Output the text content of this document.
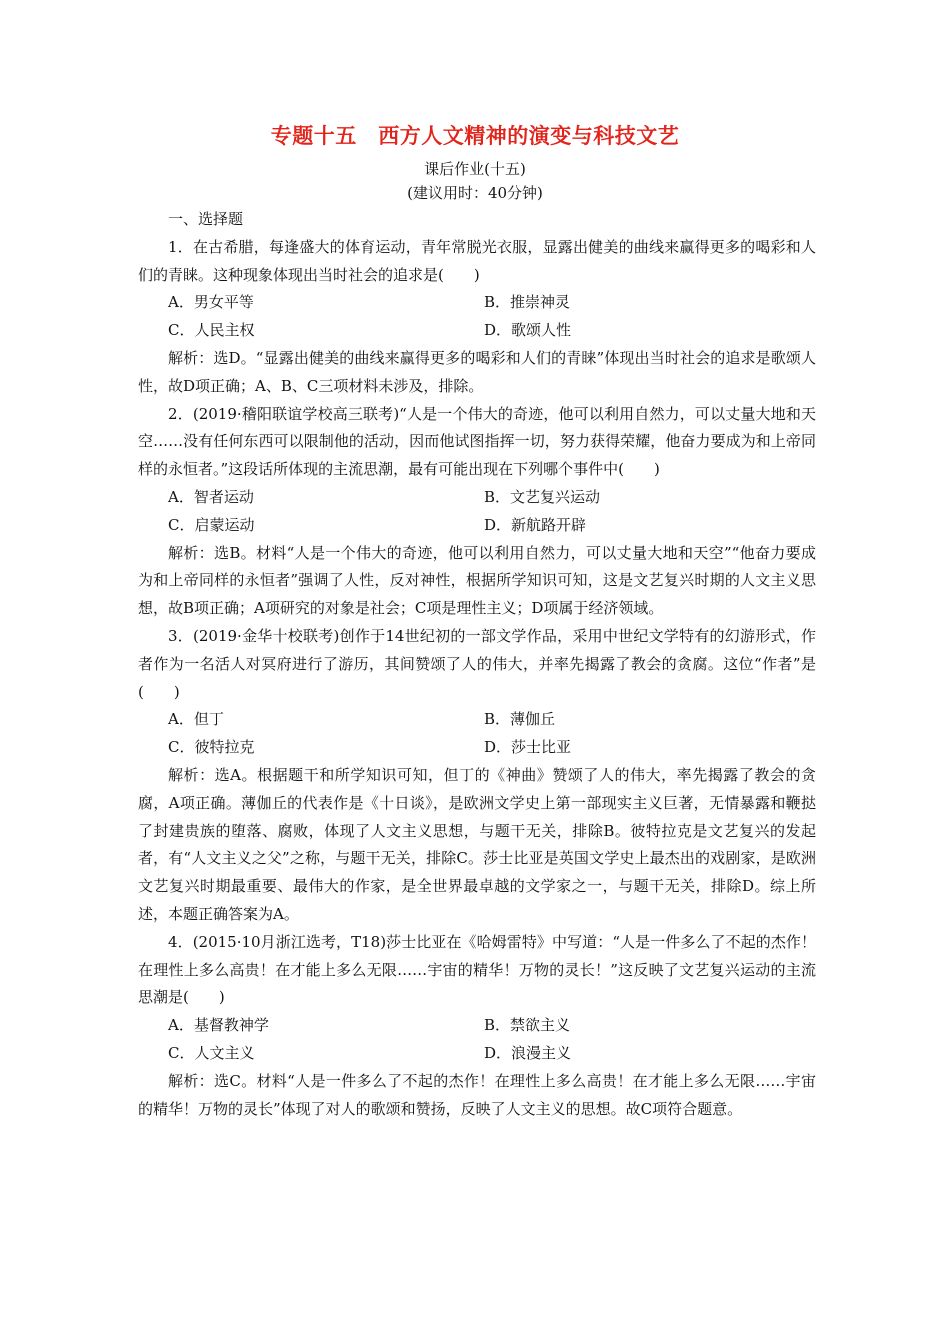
专题十五　西方人文精神的演变与科技文艺
课后作业(十五)
(建议用时：40分钟)

一、选择题

1．在古希腊，每逢盛大的体育运动，青年常脱光衣服，显露出健美的曲线来赢得更多的喝彩和人们的青睐。这种现象体现出当时社会的追求是(　　)

A．男女平等	B．推崇神灵
C．人民主权	D．歌颂人性

解析：选D。“显露出健美的曲线来赢得更多的喝彩和人们的青睐”体现出当时社会的追求是歌颂人性，故D项正确；A、B、C三项材料未涉及，排除。

2．(2019·稽阳联谊学校高三联考)“人是一个伟大的奇迹，他可以利用自然力，可以丈量大地和天空……没有任何东西可以限制他的活动，因而他试图指挥一切，努力获得荣耀，他奋力要成为和上帝同样的永恒者。”这段话所体现的主流思潮，最有可能出现在下列哪个事件中(　　)

A．智者运动	B．文艺复兴运动
C．启蒙运动	D．新航路开辟

解析：选B。材料“人是一个伟大的奇迹，他可以利用自然力，可以丈量大地和天空”“他奋力要成为和上帝同样的永恒者”强调了人性，反对神性，根据所学知识可知，这是文艺复兴时期的人文主义思想，故B项正确；A项研究的对象是社会；C项是理性主义；D项属于经济领域。

3．(2019·金华十校联考)创作于14世纪初的一部文学作品，采用中世纪文学特有的幻游形式，作者作为一名活人对冥府进行了游历，其间赞颂了人的伟大，并率先揭露了教会的贪腐。这位“作者”是(　　)

A．但丁	B．薄伽丘
C．彼特拉克	D．莎士比亚

解析：选A。根据题干和所学知识可知，但丁的《神曲》赞颂了人的伟大，率先揭露了教会的贪腐，A项正确。薄伽丘的代表作是《十日谈》，是欧洲文学史上第一部现实主义巨著，无情暴露和鞭挞了封建贵族的堕落、腐败，体现了人文主义思想，与题干无关，排除B。彼特拉克是文艺复兴的发起者，有“人文主义之父”之称，与题干无关，排除C。莎士比亚是英国文学史上最杰出的戏剧家，是欧洲文艺复兴时期最重要、最伟大的作家，是全世界最卓越的文学家之一，与题干无关，排除D。综上所述，本题正确答案为A。

4．(2015·10月浙江选考，T18)莎士比亚在《哈姆雷特》中写道：“人是一件多么了不起的杰作！在理性上多么高贵！在才能上多么无限……宇宙的精华！万物的灵长！”这反映了文艺复兴运动的主流思潮是(　　)

A．基督教神学	B．禁欲主义
C．人文主义	D．浪漫主义

解析：选C。材料“人是一件多么了不起的杰作！在理性上多么高贵！在才能上多么无限……宇宙的精华！万物的灵长”体现了对人的歌颂和赞扬，反映了人文主义的思想。故C项符合题意。
